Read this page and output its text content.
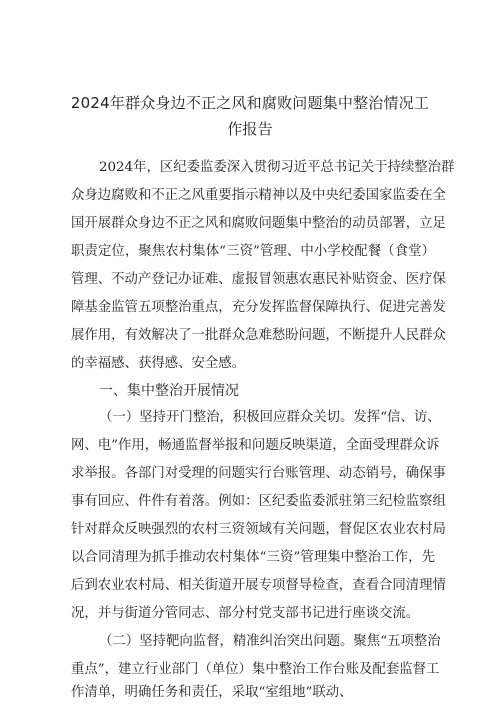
2024年群众身边不正之风和腐败问题集中整治情况工
作报告
2024年，区纪委监委深入贯彻习近平总书记关于持续整治群
众身边腐败和不正之风重要指示精神以及中央纪委国家监委在全
国开展群众身边不正之风和腐败问题集中整治的动员部署，立足
职责定位，聚焦农村集体“三资”管理、中小学校配餐（食堂）
管理、不动产登记办证难、虚报冒领惠农惠民补贴资金、医疗保
障基金监管五项整治重点，充分发挥监督保障执行、促进完善发
展作用，有效解决了一批群众急难愁盼问题，不断提升人民群众
的幸福感、获得感、安全感。
一、集中整治开展情况
（一）坚持开门整治，积极回应群众关切。发挥“信、访、
网、电”作用，畅通监督举报和问题反映渠道，全面受理群众诉
求举报。各部门对受理的问题实行台账管理、动态销号，确保事
事有回应、件件有着落。例如：区纪委监委派驻第三纪检监察组
针对群众反映强烈的农村三资领域有关问题，督促区农业农村局
以合同清理为抓手推动农村集体“三资”管理集中整治工作，先
后到农业农村局、相关街道开展专项督导检查，查看合同清理情
况，并与街道分管同志、部分村党支部书记进行座谈交流。
（二）坚持靶向监督，精准纠治突出问题。聚焦“五项整治
重点”，建立行业部门（单位）集中整治工作台账及配套监督工
作清单，明确任务和责任，采取“室组地”联动、
